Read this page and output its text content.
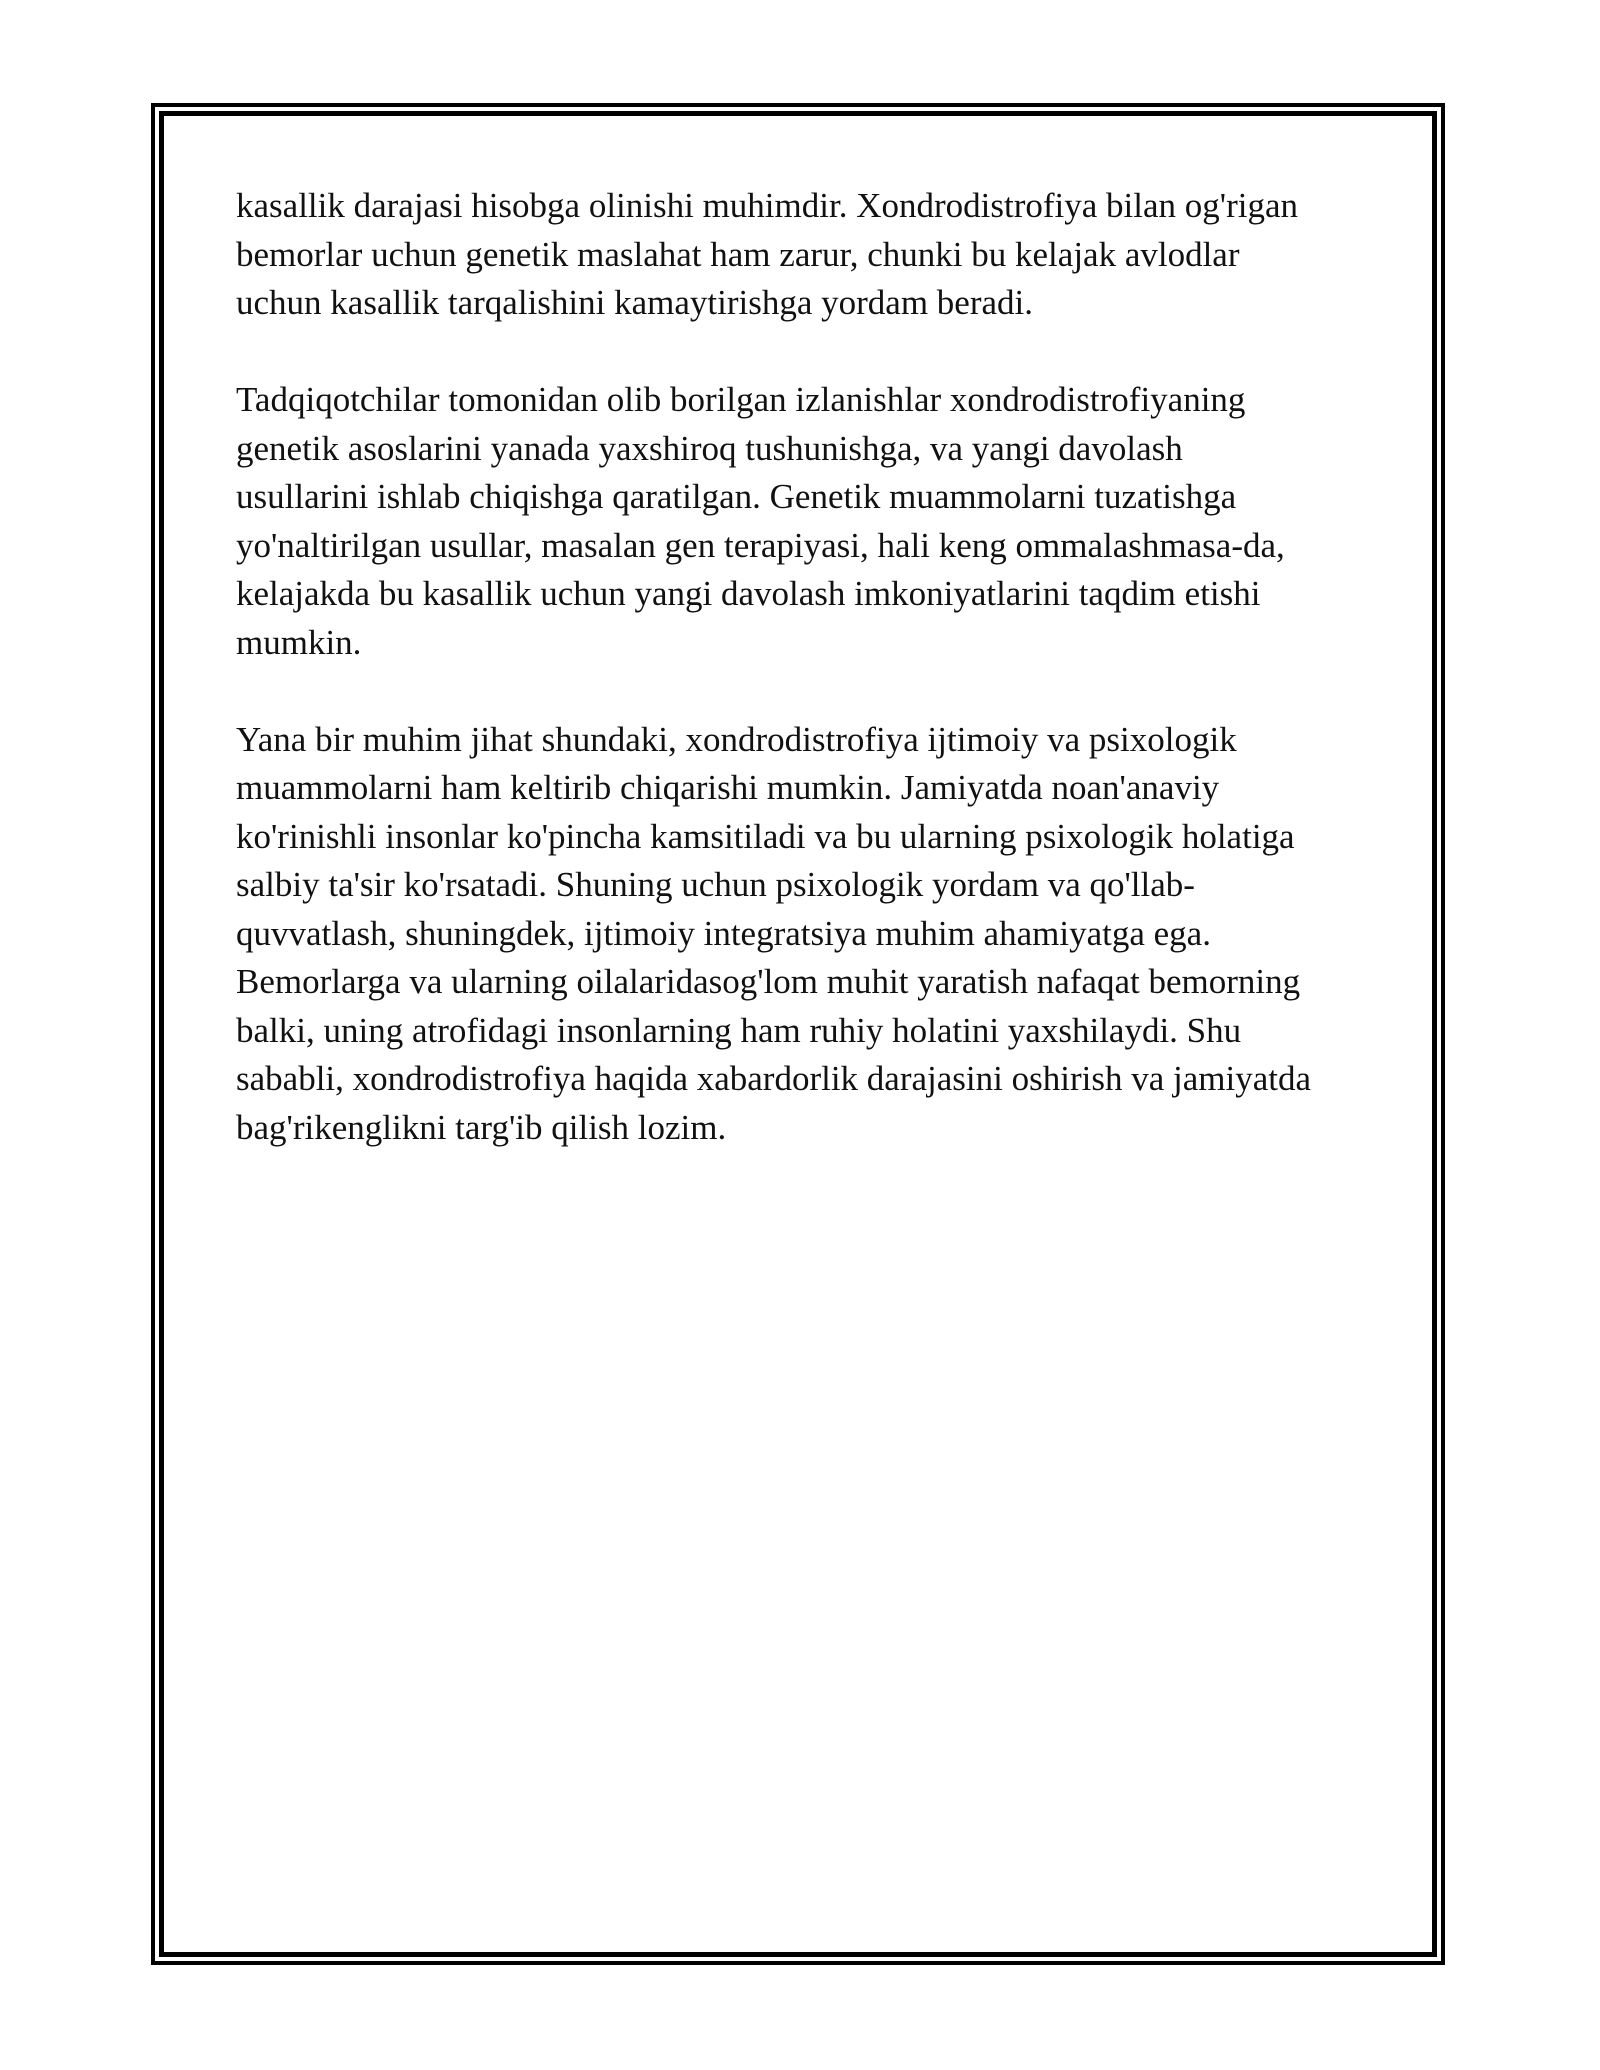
kasallik darajasi hisobga olinishi muhimdir. Xondrodistrofiya bilan og'rigan
bemorlar uchun genetik maslahat ham zarur, chunki bu kelajak avlodlar
uchun kasallik tarqalishini kamaytirishga yordam beradi.

Tadqiqotchilar tomonidan olib borilgan izlanishlar xondrodistrofiyaning
genetik asoslarini yanada yaxshiroq tushunishga, va yangi davolash
usullarini ishlab chiqishga qaratilgan. Genetik muammolarni tuzatishga
yo'naltirilgan usullar, masalan gen terapiyasi, hali keng ommalashmasa-da,
kelajakda bu kasallik uchun yangi davolash imkoniyatlarini taqdim etishi
mumkin.

Yana bir muhim jihat shundaki, xondrodistrofiya ijtimoiy va psixologik
muammolarni ham keltirib chiqarishi mumkin. Jamiyatda noan'anaviy
ko'rinishli insonlar ko'pincha kamsitiladi va bu ularning psixologik holatiga
salbiy ta'sir ko'rsatadi. Shuning uchun psixologik yordam va qo'llab-
quvvatlash, shuningdek, ijtimoiy integratsiya muhim ahamiyatga ega.
Bemorlarga va ularning oilalaridasog'lom muhit yaratish nafaqat bemorning
balki, uning atrofidagi insonlarning ham ruhiy holatini yaxshilaydi. Shu
sababli, xondrodistrofiya haqida xabardorlik darajasini oshirish va jamiyatda
bag'rikenglikni targ'ib qilish lozim.
